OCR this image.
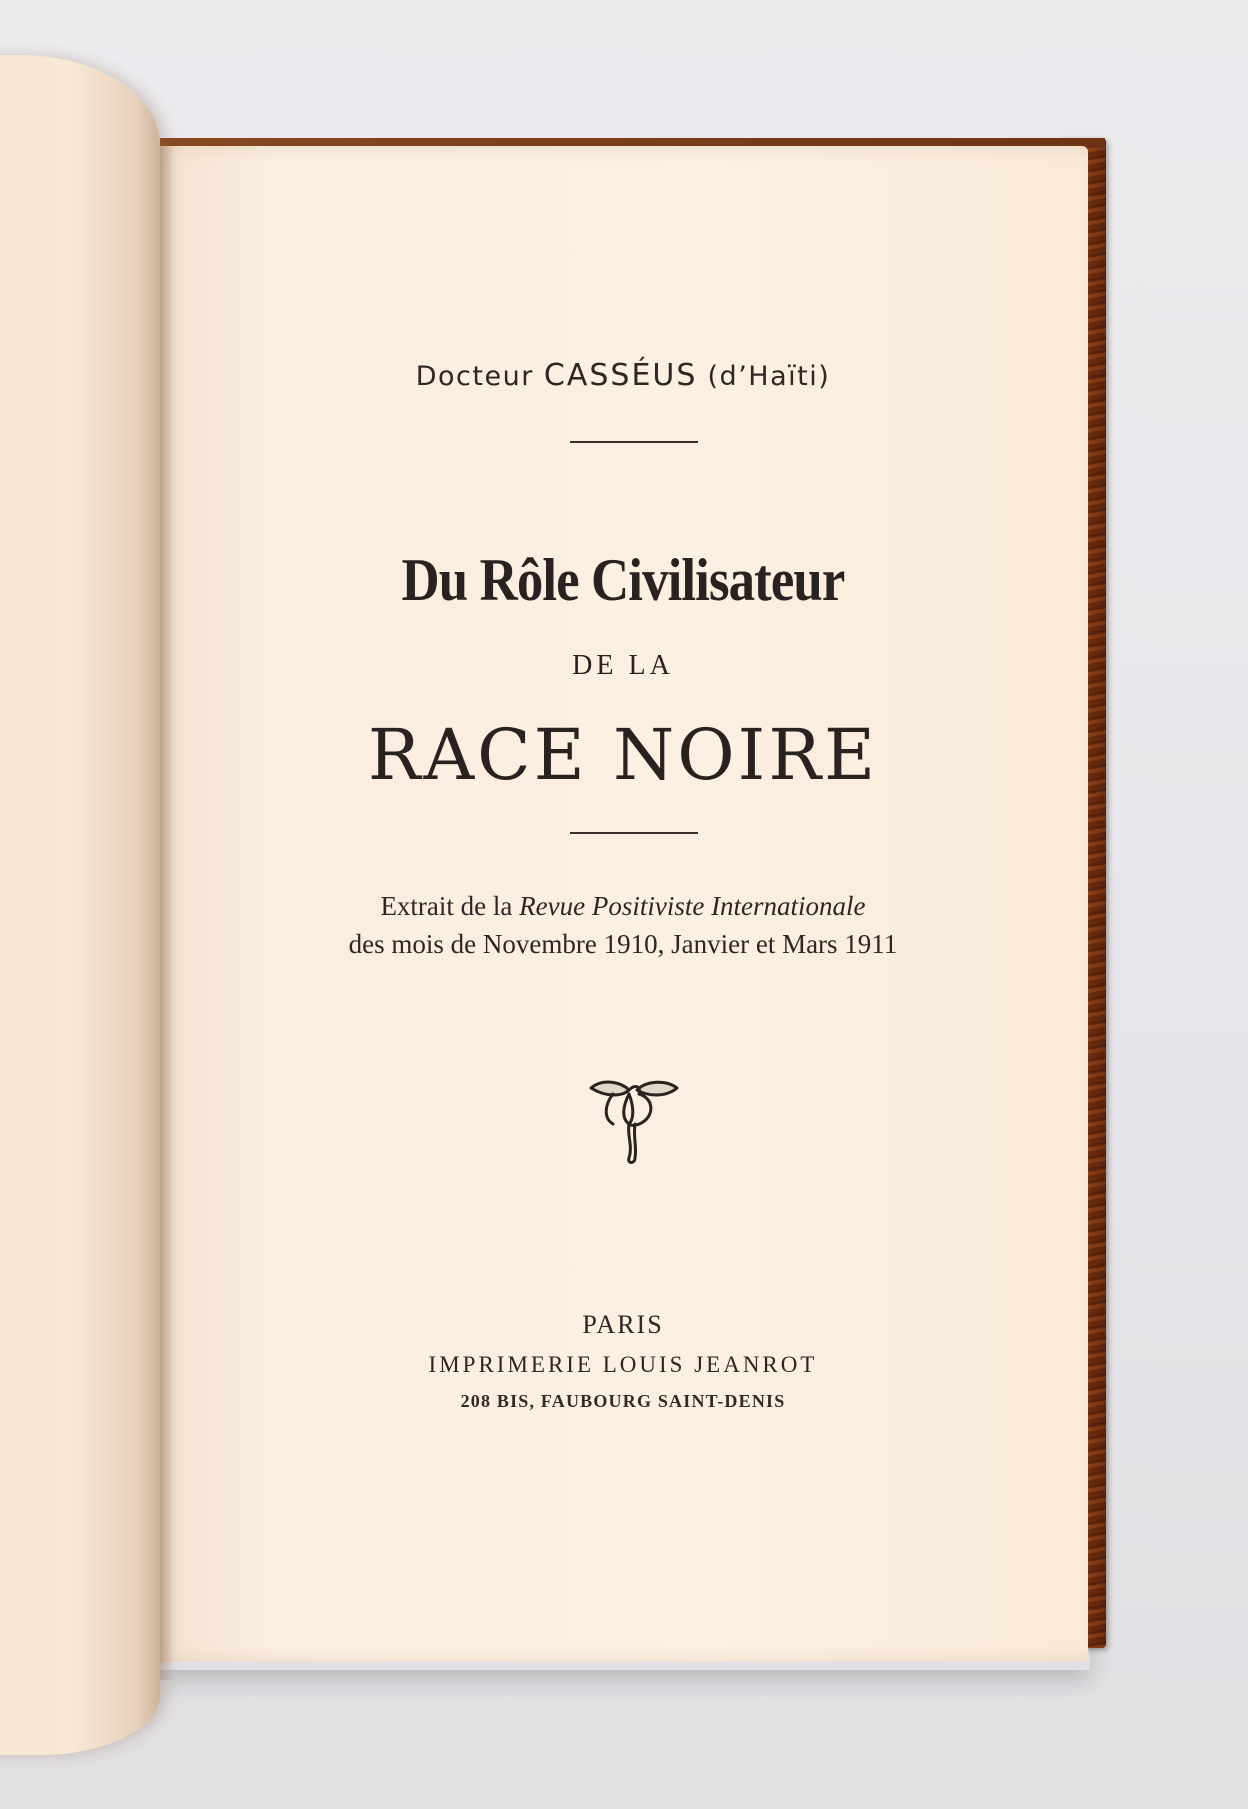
Docteur CASSÉUS (d’Haïti)
Du Rôle Civilisateur
DE LA
RACE NOIRE
Extrait de la Revue Positiviste Internationale
des mois de Novembre 1910, Janvier et Mars 1911
PARIS
IMPRIMERIE LOUIS JEANROT
208 BIS, FAUBOURG SAINT-DENIS
